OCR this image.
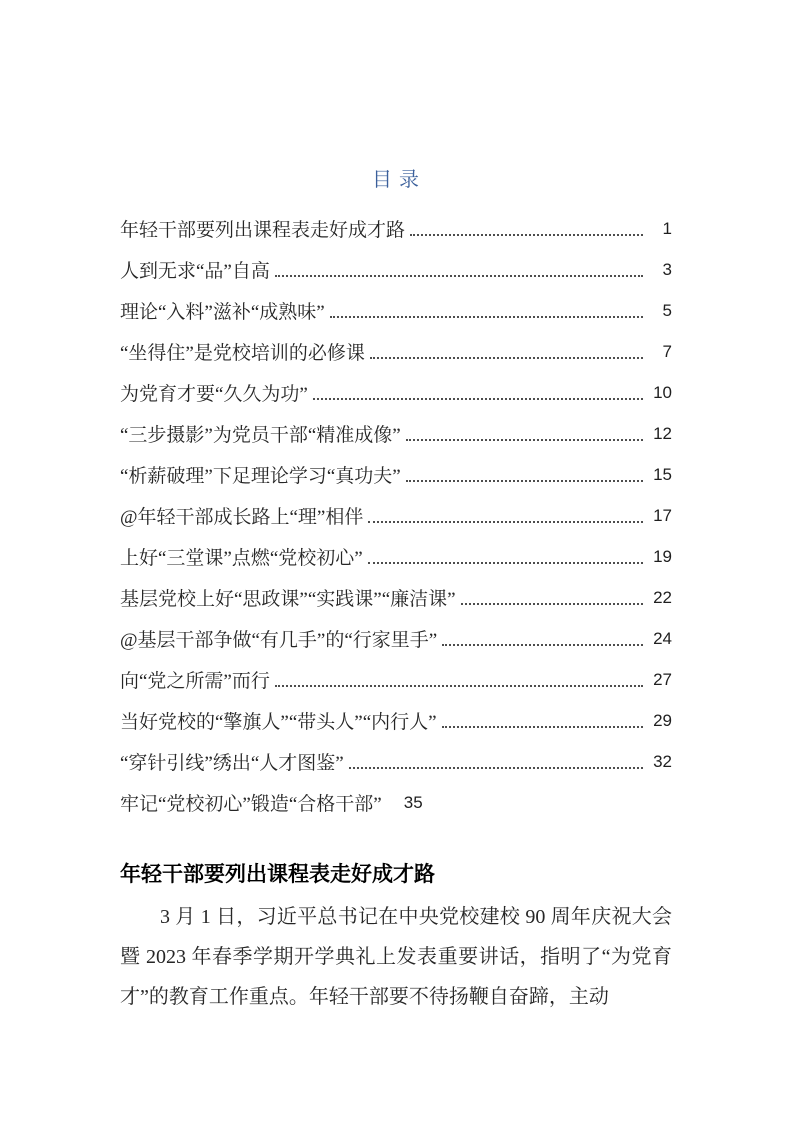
目 录
年轻干部要列出课程表走好成才路	1
人到无求“品”自高	3
理论“入料”滋补“成熟味”	5
“坐得住”是党校培训的必修课	7
为党育才要“久久为功”	10
“三步摄影”为党员干部“精准成像”	12
“析薪破理”下足理论学习“真功夫”	15
@年轻干部成长路上“理”相伴	17
上好“三堂课”点燃“党校初心”	19
基层党校上好“思政课”“实践课”“廉洁课”	22
@基层干部争做“有几手”的“行家里手”	24
向“党之所需”而行	27
当好党校的“擎旗人”“带头人”“内行人”	29
“穿针引线”绣出“人才图鉴”	32
牢记“党校初心”锻造“合格干部” 35
年轻干部要列出课程表走好成才路
3 月 1 日，习近平总书记在中央党校建校 90 周年庆祝大会暨 2023 年春季学期开学典礼上发表重要讲话，指明了“为党育才”的教育工作重点。年轻干部要不待扬鞭自奋蹄，主动
